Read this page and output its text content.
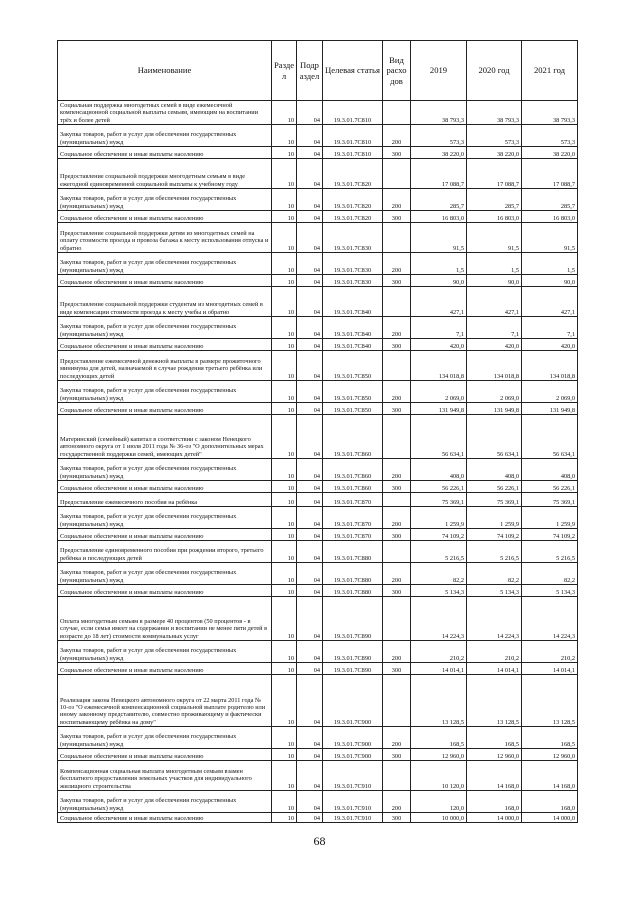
Наименование	Разде л	Подр аздел	Целевая статья	Вид расхо дов	2019	2020 год	2021 год
Социальная поддержка многодетных семей в виде ежемесячной компенсационной социальной выплаты семьям, имеющим на воспитании трёх и более детей	10	04	19.3.01.7С810		38 793,3	38 793,3	38 793,3
Закупка товаров, работ и услуг для обеспечения государственных (муниципальных) нужд	10	04	19.3.01.7С810	200	573,3	573,3	573,3
Социальное обеспечение и иные выплаты населению	10	04	19.3.01.7С810	300	38 220,0	38 220,0	38 220,0
Предоставление социальной поддержки многодетным семьям в виде ежегодной единовременной социальной выплаты к учебному году	10	04	19.3.01.7С820		17 088,7	17 088,7	17 088,7
Закупка товаров, работ и услуг для обеспечения государственных (муниципальных) нужд	10	04	19.3.01.7С820	200	285,7	285,7	285,7
Социальное обеспечение и иные выплаты населению	10	04	19.3.01.7С820	300	16 803,0	16 803,0	16 803,0
Предоставление социальной поддержки детям из многодетных семей на оплату стоимости проезда и провоза багажа к месту использования отпуска и обратно	10	04	19.3.01.7С830		91,5	91,5	91,5
Закупка товаров, работ и услуг для обеспечения государственных (муниципальных) нужд	10	04	19.3.01.7С830	200	1,5	1,5	1,5
Социальное обеспечение и иные выплаты населению	10	04	19.3.01.7С830	300	90,0	90,0	90,0
Предоставление социальной поддержки студентам из многодетных семей в виде компенсации стоимости проезда к месту учебы и обратно	10	04	19.3.01.7С840		427,1	427,1	427,1
Закупка товаров, работ и услуг для обеспечения государственных (муниципальных) нужд	10	04	19.3.01.7С840	200	7,1	7,1	7,1
Социальное обеспечение и иные выплаты населению	10	04	19.3.01.7С840	300	420,0	420,0	420,0
Предоставление ежемесячной денежной выплаты в размере прожиточного минимума для детей, назначаемой в случае рождения третьего ребёнка или последующих детей	10	04	19.3.01.7С850		134 018,8	134 018,8	134 018,8
Закупка товаров, работ и услуг для обеспечения государственных (муниципальных) нужд	10	04	19.3.01.7С850	200	2 069,0	2 069,0	2 069,0
Социальное обеспечение и иные выплаты населению	10	04	19.3.01.7С850	300	131 949,8	131 949,8	131 949,8
Материнский (семейный) капитал в соответствии с законом Ненецкого автономного округа от 1 июля 2011 года № 36-оз "О дополнительных мерах государственной поддержки семей, имеющих детей"	10	04	19.3.01.7С860		56 634,1	56 634,1	56 634,1
Закупка товаров, работ и услуг для обеспечения государственных (муниципальных) нужд	10	04	19.3.01.7С860	200	408,0	408,0	408,0
Социальное обеспечение и иные выплаты населению	10	04	19.3.01.7С860	300	56 226,1	56 226,1	56 226,1
Предоставление ежемесячного пособия на ребёнка	10	04	19.3.01.7С870		75 369,1	75 369,1	75 369,1
Закупка товаров, работ и услуг для обеспечения государственных (муниципальных) нужд	10	04	19.3.01.7С870	200	1 259,9	1 259,9	1 259,9
Социальное обеспечение и иные выплаты населению	10	04	19.3.01.7С870	300	74 109,2	74 109,2	74 109,2
Предоставление единовременного пособия при рождении второго, третьего ребёнка и последующих детей	10	04	19.3.01.7С880		5 216,5	5 216,5	5 216,5
Закупка товаров, работ и услуг для обеспечения государственных (муниципальных) нужд	10	04	19.3.01.7С880	200	82,2	82,2	82,2
Социальное обеспечение и иные выплаты населению	10	04	19.3.01.7С880	300	5 134,3	5 134,3	5 134,3
Оплата многодетным семьям в размере 40 процентов (50 процентов - в случае, если семья имеет на содержании и воспитании не менее пяти детей в возрасте до 18 лет) стоимости коммунальных услуг	10	04	19.3.01.7С890		14 224,3	14 224,3	14 224,3
Закупка товаров, работ и услуг для обеспечения государственных (муниципальных) нужд	10	04	19.3.01.7С890	200	210,2	210,2	210,2
Социальное обеспечение и иные выплаты населению	10	04	19.3.01.7С890	300	14 014,1	14 014,1	14 014,1
Реализация закона Ненецкого автономного округа от 22 марта 2011 года № 10-оз "О ежемесячной компенсационной социальной выплате родителю или иному законному представителю, совместно проживающему и фактически воспитывающему ребёнка на дому"	10	04	19.3.01.7С900		13 128,5	13 128,5	13 128,5
Закупка товаров, работ и услуг для обеспечения государственных (муниципальных) нужд	10	04	19.3.01.7С900	200	168,5	168,5	168,5
Социальное обеспечение и иные выплаты населению	10	04	19.3.01.7С900	300	12 960,0	12 960,0	12 960,0
Компенсационная социальная выплата многодетным семьям взамен бесплатного предоставления земельных участков для индивидуального жилищного строительства	10	04	19.3.01.7С910		10 120,0	14 168,0	14 168,0
Закупка товаров, работ и услуг для обеспечения государственных (муниципальных) нужд	10	04	19.3.01.7С910	200	120,0	168,0	168,0
Социальное обеспечение и иные выплаты населению	10	04	19.3.01.7С910	300	10 000,0	14 000,0	14 000,0
68
